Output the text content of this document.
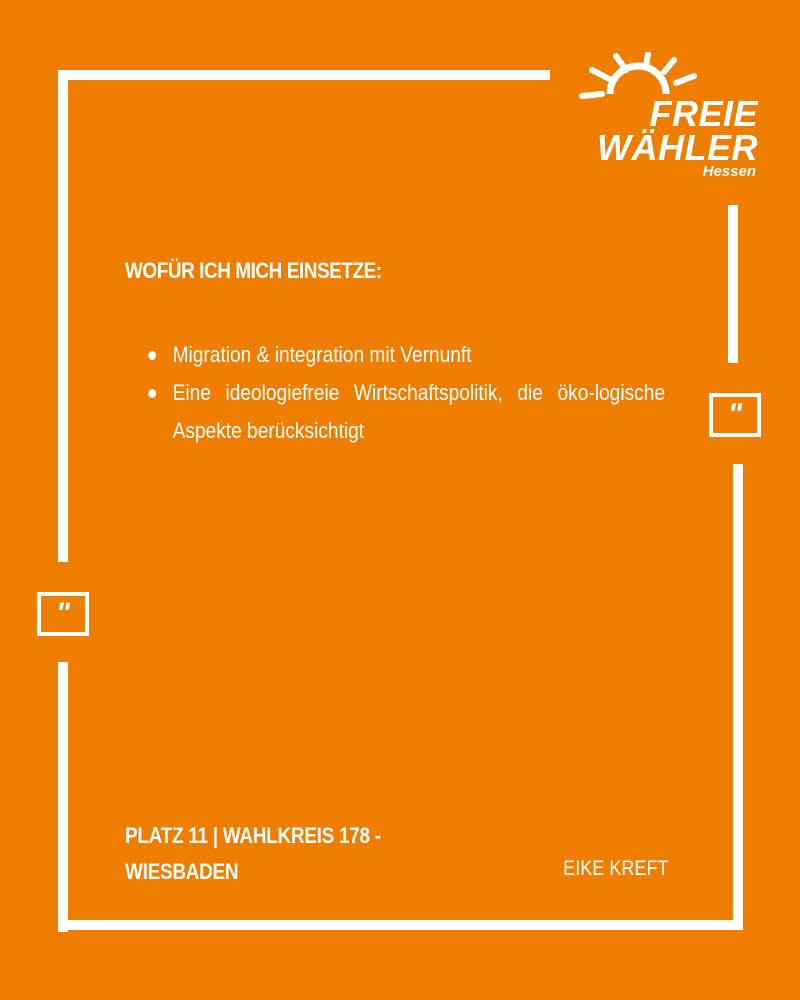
"
"
FREIE
WÄHLER
Hessen
WOFÜR ICH MICH EINSETZE:
Migration & integration mit Vernunft
Eine ideologiefreie Wirtschaftspolitik, die öko-logische Aspekte berücksichtigt
PLATZ 11 | WAHLKREIS 178 -
WIESBADEN	EIKE KREFT
